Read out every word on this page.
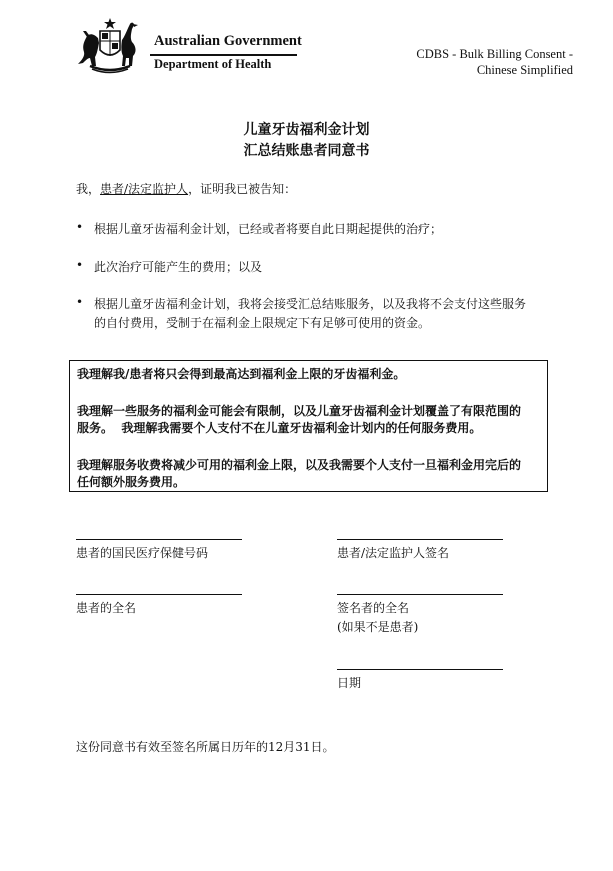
Australian Government
Department of Health
CDBS - Bulk Billing Consent -
Chinese Simplified
儿童牙齿福利金计划
汇总结账患者同意书
我，患者/法定监护人，证明我已被告知：
• 根据儿童牙齿福利金计划，已经或者将要自此日期起提供的治疗；
• 此次治疗可能产生的费用；以及
• 根据儿童牙齿福利金计划，我将会接受汇总结账服务，以及我将不会支付这些服务
的自付费用，受制于在福利金上限规定下有足够可使用的资金。
我理解我/患者将只会得到最高达到福利金上限的牙齿福利金。
我理解一些服务的福利金可能会有限制，以及儿童牙齿福利金计划覆盖了有限范围的
服务。  我理解我需要个人支付不在儿童牙齿福利金计划内的任何服务费用。
我理解服务收费将减少可用的福利金上限，以及我需要个人支付一旦福利金用完后的
任何额外服务费用。
患者的国民医疗保健号码	患者/法定监护人签名
患者的全名	签名者的全名
(如果不是患者)
日期
这份同意书有效至签名所属日历年的12月31日。
